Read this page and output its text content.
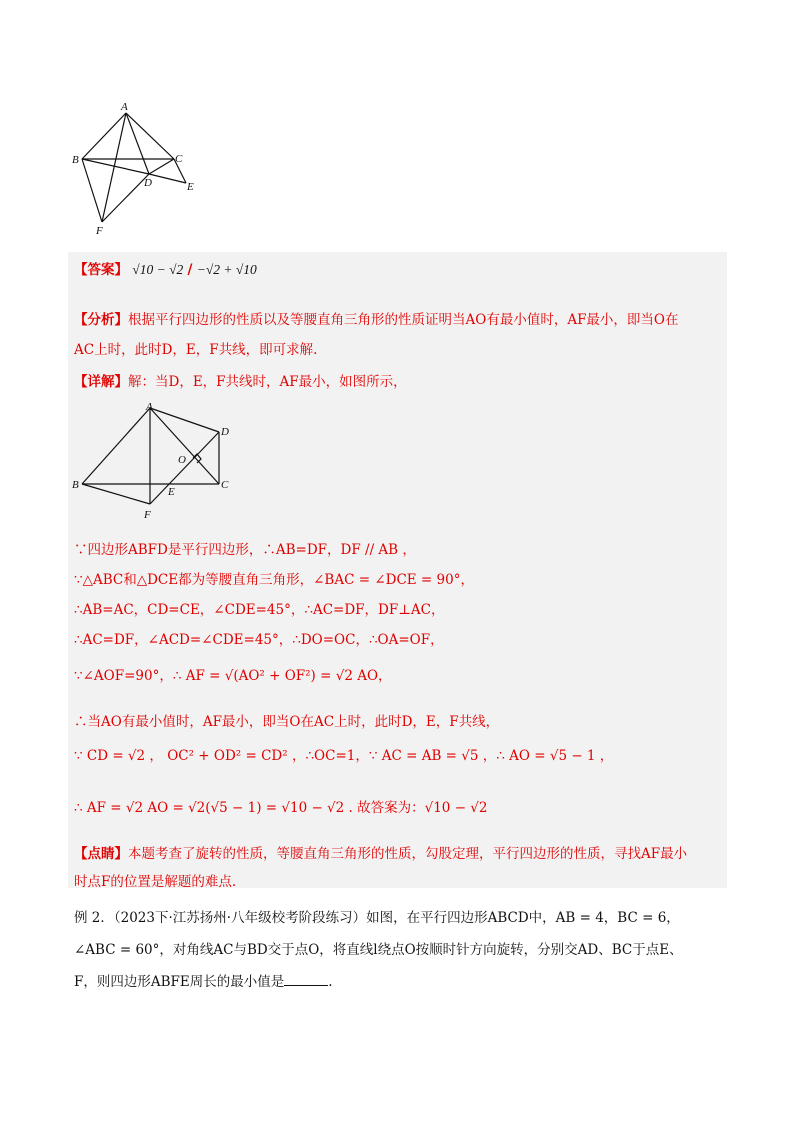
A
B	C
D	E
F
【答案】 √10 − √2 / −√2 + √10
【分析】根据平行四边形的性质以及等腰直角三角形的性质证明当AO有最小值时，AF最小，即当O在
AC上时，此时D，E，F共线，即可求解.
【详解】解：当D，E，F共线时，AF最小，如图所示，
A
B	C
D
E
F
O
∵四边形ABFD是平行四边形，∴AB=DF，DF // AB ，
∵△ABC和△DCE都为等腰直角三角形，∠BAC = ∠DCE = 90°，
∴AB=AC，CD=CE，∠CDE=45°，∴AC=DF，DF⊥AC，
∴AC=DF，∠ACD=∠CDE=45°，∴DO=OC，∴OA=OF，
∵∠AOF=90°，∴ AF = √(AO² + OF²) = √2 AO，
∴当AO有最小值时，AF最小，即当O在AC上时，此时D，E，F共线，
∵ CD = √2 ， OC² + OD² = CD² ，∴OC=1，∵ AC = AB = √5 ，∴ AO = √5 − 1 ，
∴ AF = √2 AO = √2(√5 − 1) = √10 − √2 . 故答案为：√10 − √2
【点睛】本题考查了旋转的性质，等腰直角三角形的性质，勾股定理，平行四边形的性质，寻找AF最小
时点F的位置是解题的难点.
例 2．（2023下·江苏扬州·八年级校考阶段练习）如图，在平行四边形ABCD中，AB = 4，BC = 6，
∠ABC = 60°，对角线AC与BD交于点O，将直线l绕点O按顺时针方向旋转，分别交AD、BC于点E、
F，则四边形ABFE周长的最小值是	.
